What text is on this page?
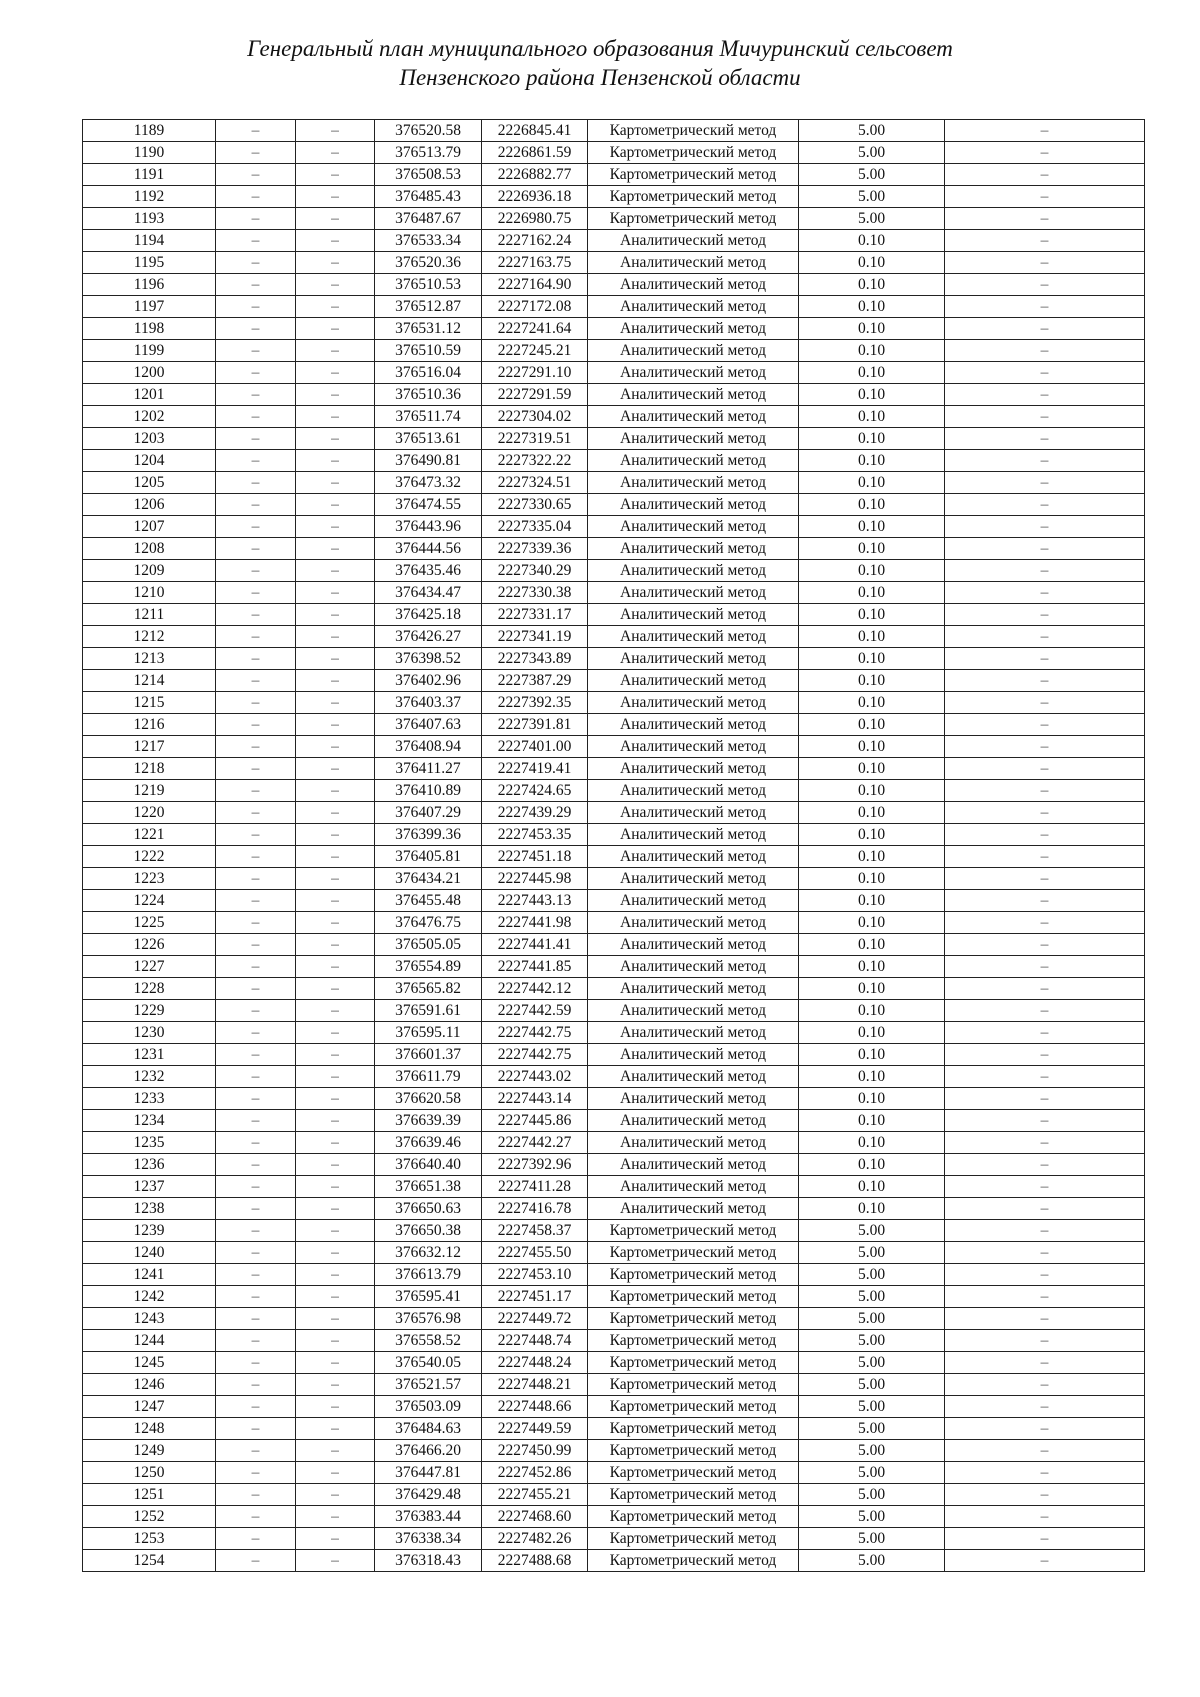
Генеральный план муниципального образования Мичуринский сельсовет
Пензенского района Пензенской области
1189	–	–	376520.58	2226845.41	Картометрический метод	5.00	–
1190	–	–	376513.79	2226861.59	Картометрический метод	5.00	–
1191	–	–	376508.53	2226882.77	Картометрический метод	5.00	–
1192	–	–	376485.43	2226936.18	Картометрический метод	5.00	–
1193	–	–	376487.67	2226980.75	Картометрический метод	5.00	–
1194	–	–	376533.34	2227162.24	Аналитический метод	0.10	–
1195	–	–	376520.36	2227163.75	Аналитический метод	0.10	–
1196	–	–	376510.53	2227164.90	Аналитический метод	0.10	–
1197	–	–	376512.87	2227172.08	Аналитический метод	0.10	–
1198	–	–	376531.12	2227241.64	Аналитический метод	0.10	–
1199	–	–	376510.59	2227245.21	Аналитический метод	0.10	–
1200	–	–	376516.04	2227291.10	Аналитический метод	0.10	–
1201	–	–	376510.36	2227291.59	Аналитический метод	0.10	–
1202	–	–	376511.74	2227304.02	Аналитический метод	0.10	–
1203	–	–	376513.61	2227319.51	Аналитический метод	0.10	–
1204	–	–	376490.81	2227322.22	Аналитический метод	0.10	–
1205	–	–	376473.32	2227324.51	Аналитический метод	0.10	–
1206	–	–	376474.55	2227330.65	Аналитический метод	0.10	–
1207	–	–	376443.96	2227335.04	Аналитический метод	0.10	–
1208	–	–	376444.56	2227339.36	Аналитический метод	0.10	–
1209	–	–	376435.46	2227340.29	Аналитический метод	0.10	–
1210	–	–	376434.47	2227330.38	Аналитический метод	0.10	–
1211	–	–	376425.18	2227331.17	Аналитический метод	0.10	–
1212	–	–	376426.27	2227341.19	Аналитический метод	0.10	–
1213	–	–	376398.52	2227343.89	Аналитический метод	0.10	–
1214	–	–	376402.96	2227387.29	Аналитический метод	0.10	–
1215	–	–	376403.37	2227392.35	Аналитический метод	0.10	–
1216	–	–	376407.63	2227391.81	Аналитический метод	0.10	–
1217	–	–	376408.94	2227401.00	Аналитический метод	0.10	–
1218	–	–	376411.27	2227419.41	Аналитический метод	0.10	–
1219	–	–	376410.89	2227424.65	Аналитический метод	0.10	–
1220	–	–	376407.29	2227439.29	Аналитический метод	0.10	–
1221	–	–	376399.36	2227453.35	Аналитический метод	0.10	–
1222	–	–	376405.81	2227451.18	Аналитический метод	0.10	–
1223	–	–	376434.21	2227445.98	Аналитический метод	0.10	–
1224	–	–	376455.48	2227443.13	Аналитический метод	0.10	–
1225	–	–	376476.75	2227441.98	Аналитический метод	0.10	–
1226	–	–	376505.05	2227441.41	Аналитический метод	0.10	–
1227	–	–	376554.89	2227441.85	Аналитический метод	0.10	–
1228	–	–	376565.82	2227442.12	Аналитический метод	0.10	–
1229	–	–	376591.61	2227442.59	Аналитический метод	0.10	–
1230	–	–	376595.11	2227442.75	Аналитический метод	0.10	–
1231	–	–	376601.37	2227442.75	Аналитический метод	0.10	–
1232	–	–	376611.79	2227443.02	Аналитический метод	0.10	–
1233	–	–	376620.58	2227443.14	Аналитический метод	0.10	–
1234	–	–	376639.39	2227445.86	Аналитический метод	0.10	–
1235	–	–	376639.46	2227442.27	Аналитический метод	0.10	–
1236	–	–	376640.40	2227392.96	Аналитический метод	0.10	–
1237	–	–	376651.38	2227411.28	Аналитический метод	0.10	–
1238	–	–	376650.63	2227416.78	Аналитический метод	0.10	–
1239	–	–	376650.38	2227458.37	Картометрический метод	5.00	–
1240	–	–	376632.12	2227455.50	Картометрический метод	5.00	–
1241	–	–	376613.79	2227453.10	Картометрический метод	5.00	–
1242	–	–	376595.41	2227451.17	Картометрический метод	5.00	–
1243	–	–	376576.98	2227449.72	Картометрический метод	5.00	–
1244	–	–	376558.52	2227448.74	Картометрический метод	5.00	–
1245	–	–	376540.05	2227448.24	Картометрический метод	5.00	–
1246	–	–	376521.57	2227448.21	Картометрический метод	5.00	–
1247	–	–	376503.09	2227448.66	Картометрический метод	5.00	–
1248	–	–	376484.63	2227449.59	Картометрический метод	5.00	–
1249	–	–	376466.20	2227450.99	Картометрический метод	5.00	–
1250	–	–	376447.81	2227452.86	Картометрический метод	5.00	–
1251	–	–	376429.48	2227455.21	Картометрический метод	5.00	–
1252	–	–	376383.44	2227468.60	Картометрический метод	5.00	–
1253	–	–	376338.34	2227482.26	Картометрический метод	5.00	–
1254	–	–	376318.43	2227488.68	Картометрический метод	5.00	–
